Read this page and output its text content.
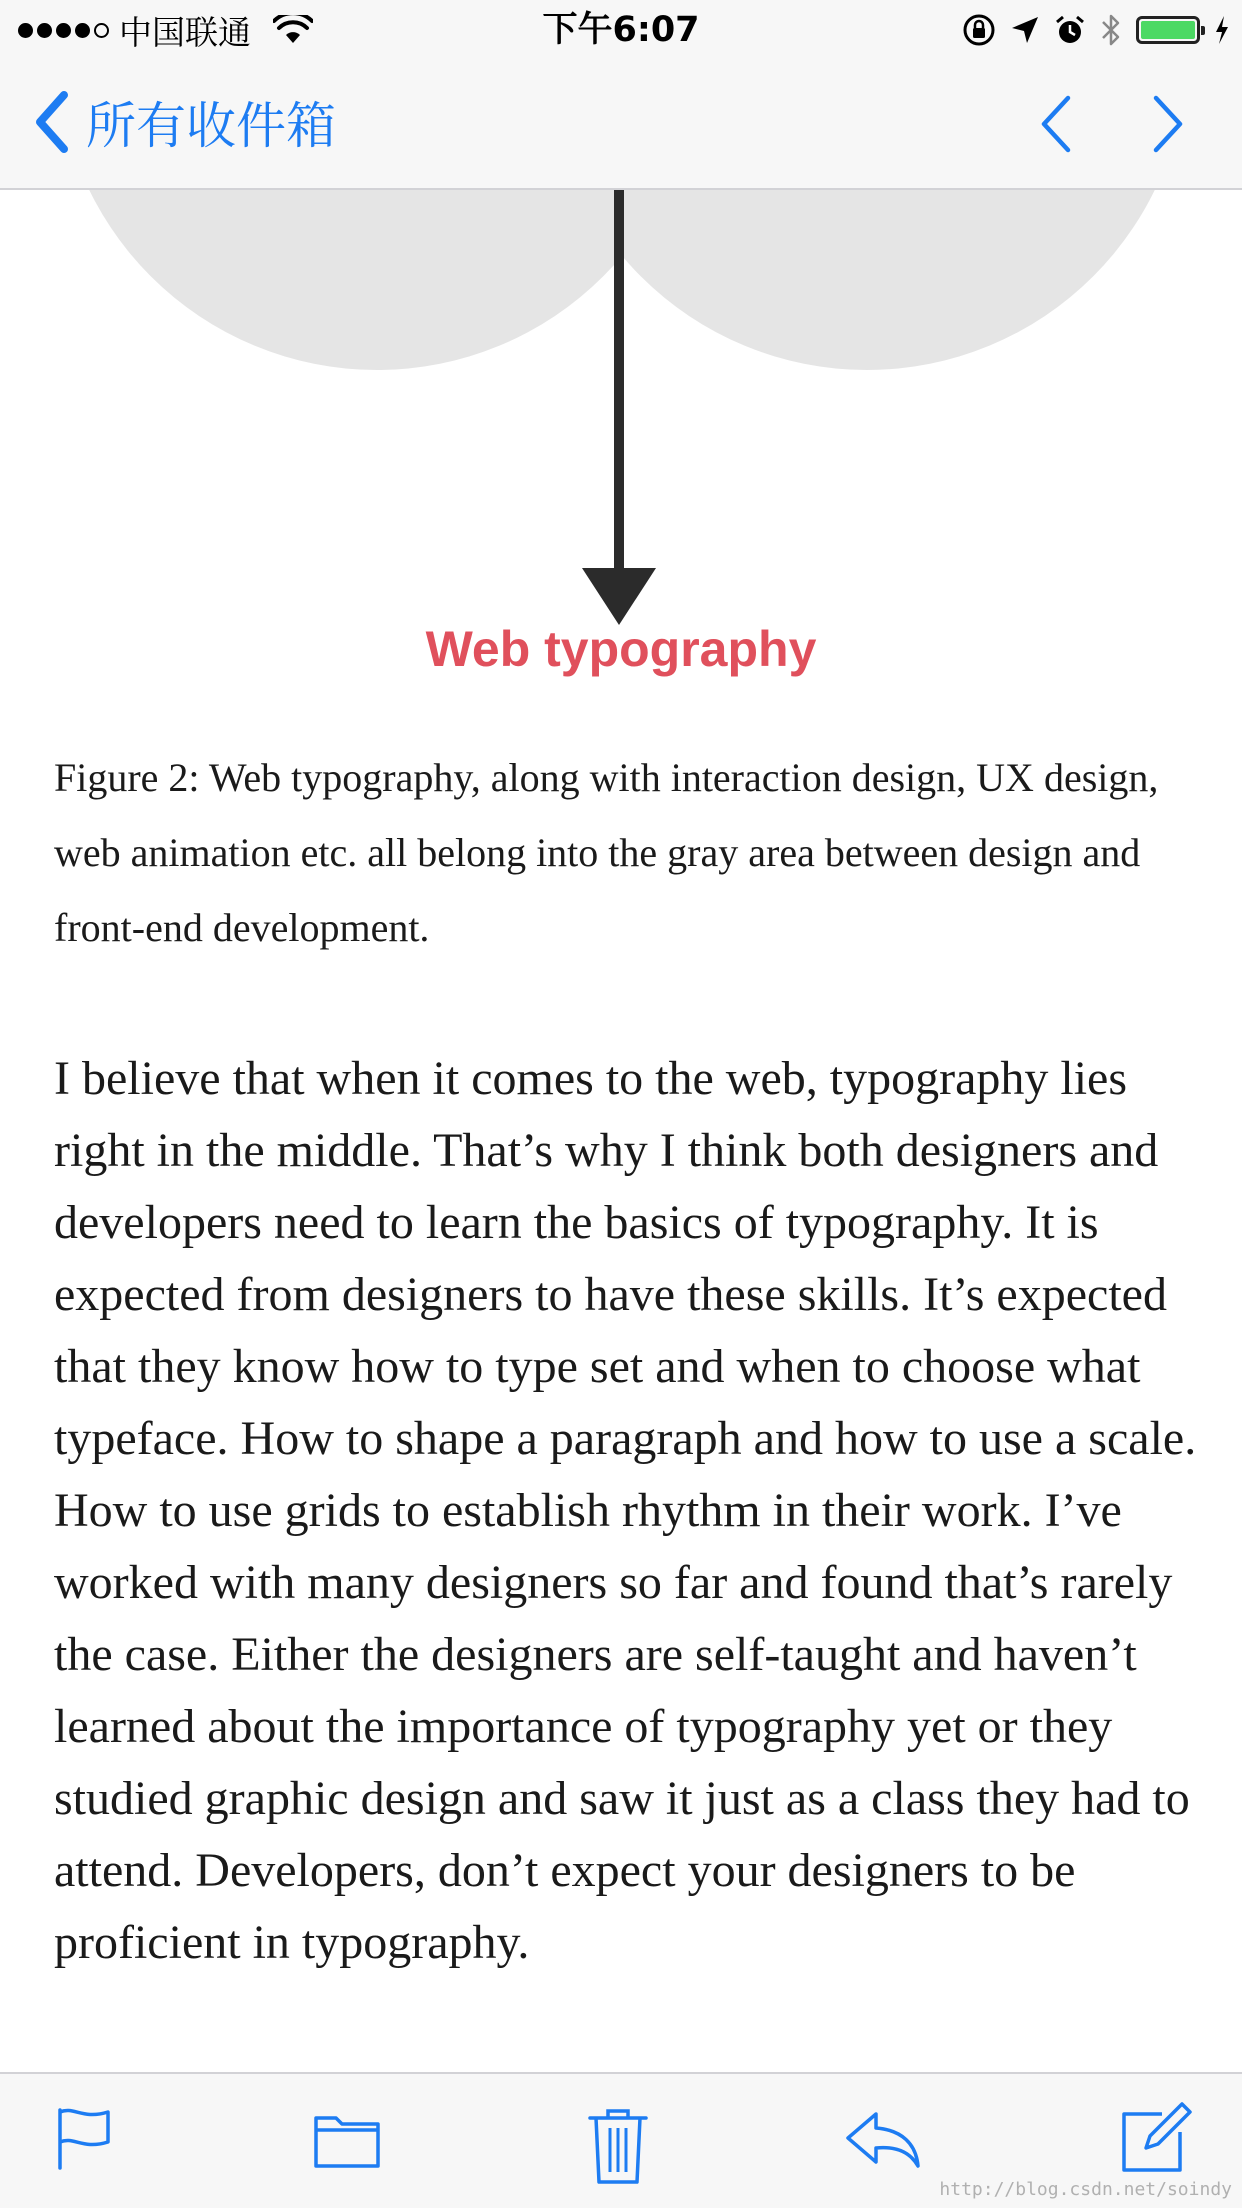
中国联通	下午6:07
所有收件箱
Web typography

Figure 2: Web typography, along with interaction design, UX design, web animation etc. all belong into the gray area between design and front-end development.

I believe that when it comes to the web, typography lies right in the middle. That’s why I think both designers and developers need to learn the basics of typography. It is expected from designers to have these skills. It’s expected that they know how to type set and when to choose what typeface. How to shape a paragraph and how to use a scale. How to use grids to establish rhythm in their work. I’ve worked with many designers so far and found that’s rarely the case. Either the designers are self-taught and haven’t learned about the importance of typography yet or they studied graphic design and saw it just as a class they had to attend. Developers, don’t expect your designers to be proficient in typography.

http://blog.csdn.net/soindy
